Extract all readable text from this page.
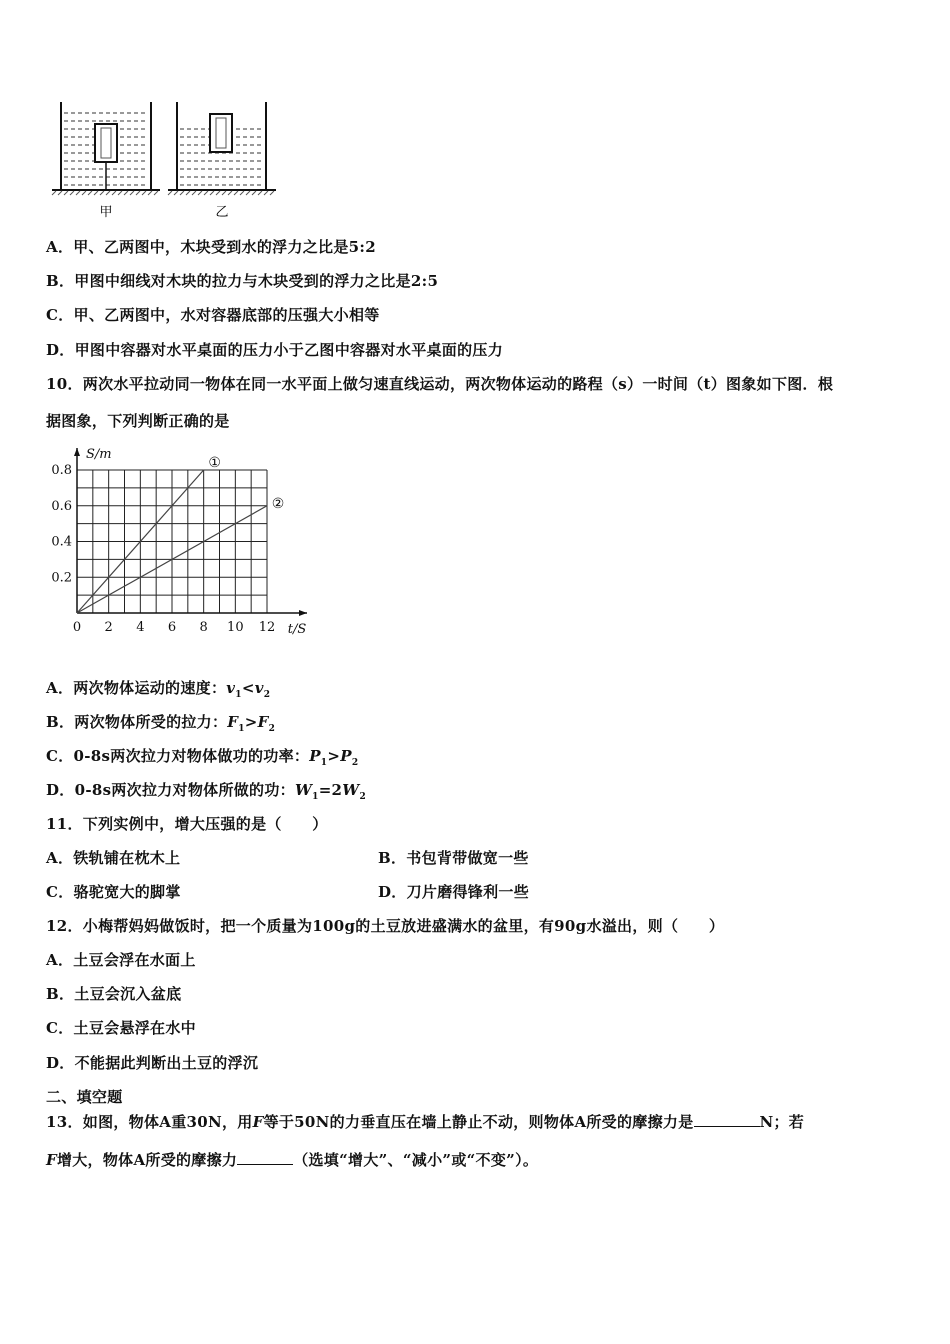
甲	乙
A．甲、乙两图中，木块受到水的浮力之比是5:2
B．甲图中细线对木块的拉力与木块受到的浮力之比是2:5
C．甲、乙两图中，水对容器底部的压强大小相等
D．甲图中容器对水平桌面的压力小于乙图中容器对水平桌面的压力
10．两次水平拉动同一物体在同一水平面上做匀速直线运动，两次物体运动的路程（s）一时间（t）图象如下图．根
据图象，下列判断正确的是
①
②
0 2 4 6 8 10 12
0.2
0.4
0.6
0.8
t/S
S/m
A．两次物体运动的速度：$v_1<v_2$
B．两次物体所受的拉力：$F_1>F_2$
C．0-8s两次拉力对物体做功的功率：$P_1>P_2$
D．0-8s两次拉力对物体所做的功：$W_1=2W_2$
11．下列实例中，增大压强的是（　　）
A．铁轨铺在枕木上	B．书包背带做宽一些
C．骆驼宽大的脚掌	D．刀片磨得锋利一些
12．小梅帮妈妈做饭时，把一个质量为100g的土豆放进盛满水的盆里，有90g水溢出，则（　　）
A．土豆会浮在水面上
B．土豆会沉入盆底
C．土豆会悬浮在水中
D．不能据此判断出土豆的浮沉
二、填空题
13．如图，物体A重30N，用F等于50N的力垂直压在墙上静止不动，则物体A所受的摩擦力是	N；若
F增大，物体A所受的摩擦力	（选填“增大”、“减小”或“不变”）。
